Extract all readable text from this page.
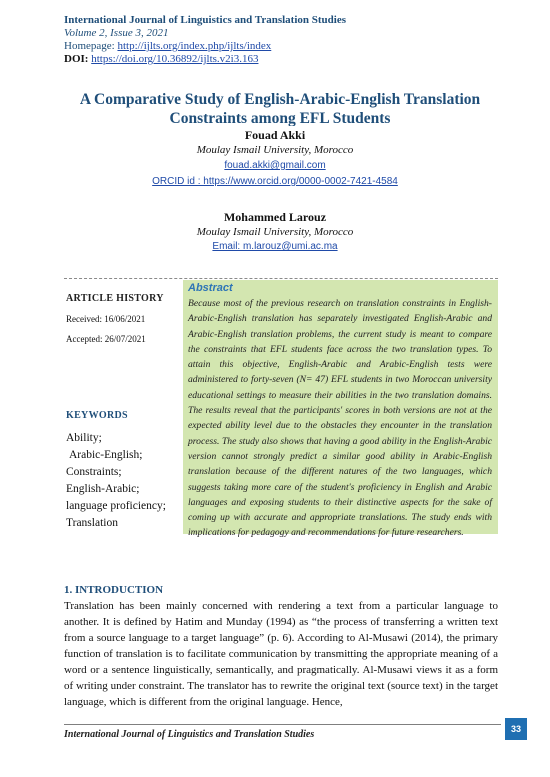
International Journal of Linguistics and Translation Studies
Volume 2, Issue 3, 2021
Homepage: http://ijlts.org/index.php/ijlts/index
DOI: https://doi.org/10.36892/ijlts.v2i3.163
A Comparative Study of English-Arabic-English Translation Constraints among EFL Students
Fouad Akki
Moulay Ismail University, Morocco
fouad.akki@gmail.com
ORCID id : https://www.orcid.org/0000-0002-7421-4584
Mohammed Larouz
Moulay Ismail University, Morocco
Email: m.larouz@umi.ac.ma
ARTICLE HISTORY
Received: 16/06/2021
Accepted: 26/07/2021
KEYWORDS
Ability;
Arabic-English;
Constraints;
English-Arabic;
language proficiency;
Translation
Abstract
Because most of the previous research on translation constraints in English-Arabic-English translation has separately investigated English-Arabic and Arabic-English translation problems, the current study is meant to compare the constraints that EFL students face across the two translation types. To attain this objective, English-Arabic and Arabic-English tests were administered to forty-seven (N= 47) EFL students in two Moroccan university educational settings to measure their abilities in the two translation domains. The results reveal that the participants' scores in both versions are not at the expected ability level due to the obstacles they encounter in the translation process. The study also shows that having a good ability in the English-Arabic version cannot strongly predict a similar good ability in Arabic-English translation because of the different natures of the two languages, which suggests taking more care of the student's proficiency in English and Arabic languages and exposing students to their distinctive aspects for the sake of coming up with accurate and appropriate translations. The study ends with implications for pedagogy and recommendations for future researchers.
1. INTRODUCTION
Translation has been mainly concerned with rendering a text from a particular language to another. It is defined by Hatim and Munday (1994) as “the process of transferring a written text from a source language to a target language” (p. 6). According to Al-Musawi (2014), the primary function of translation is to facilitate communication by transmitting the appropriate meaning of a word or a sentence linguistically, semantically, and pragmatically. Al-Musawi views it as a form of writing under constraint. The translator has to rewrite the original text (source text) in the target language, which is different from the original language. Hence,
International Journal of Linguistics and Translation Studies	33
